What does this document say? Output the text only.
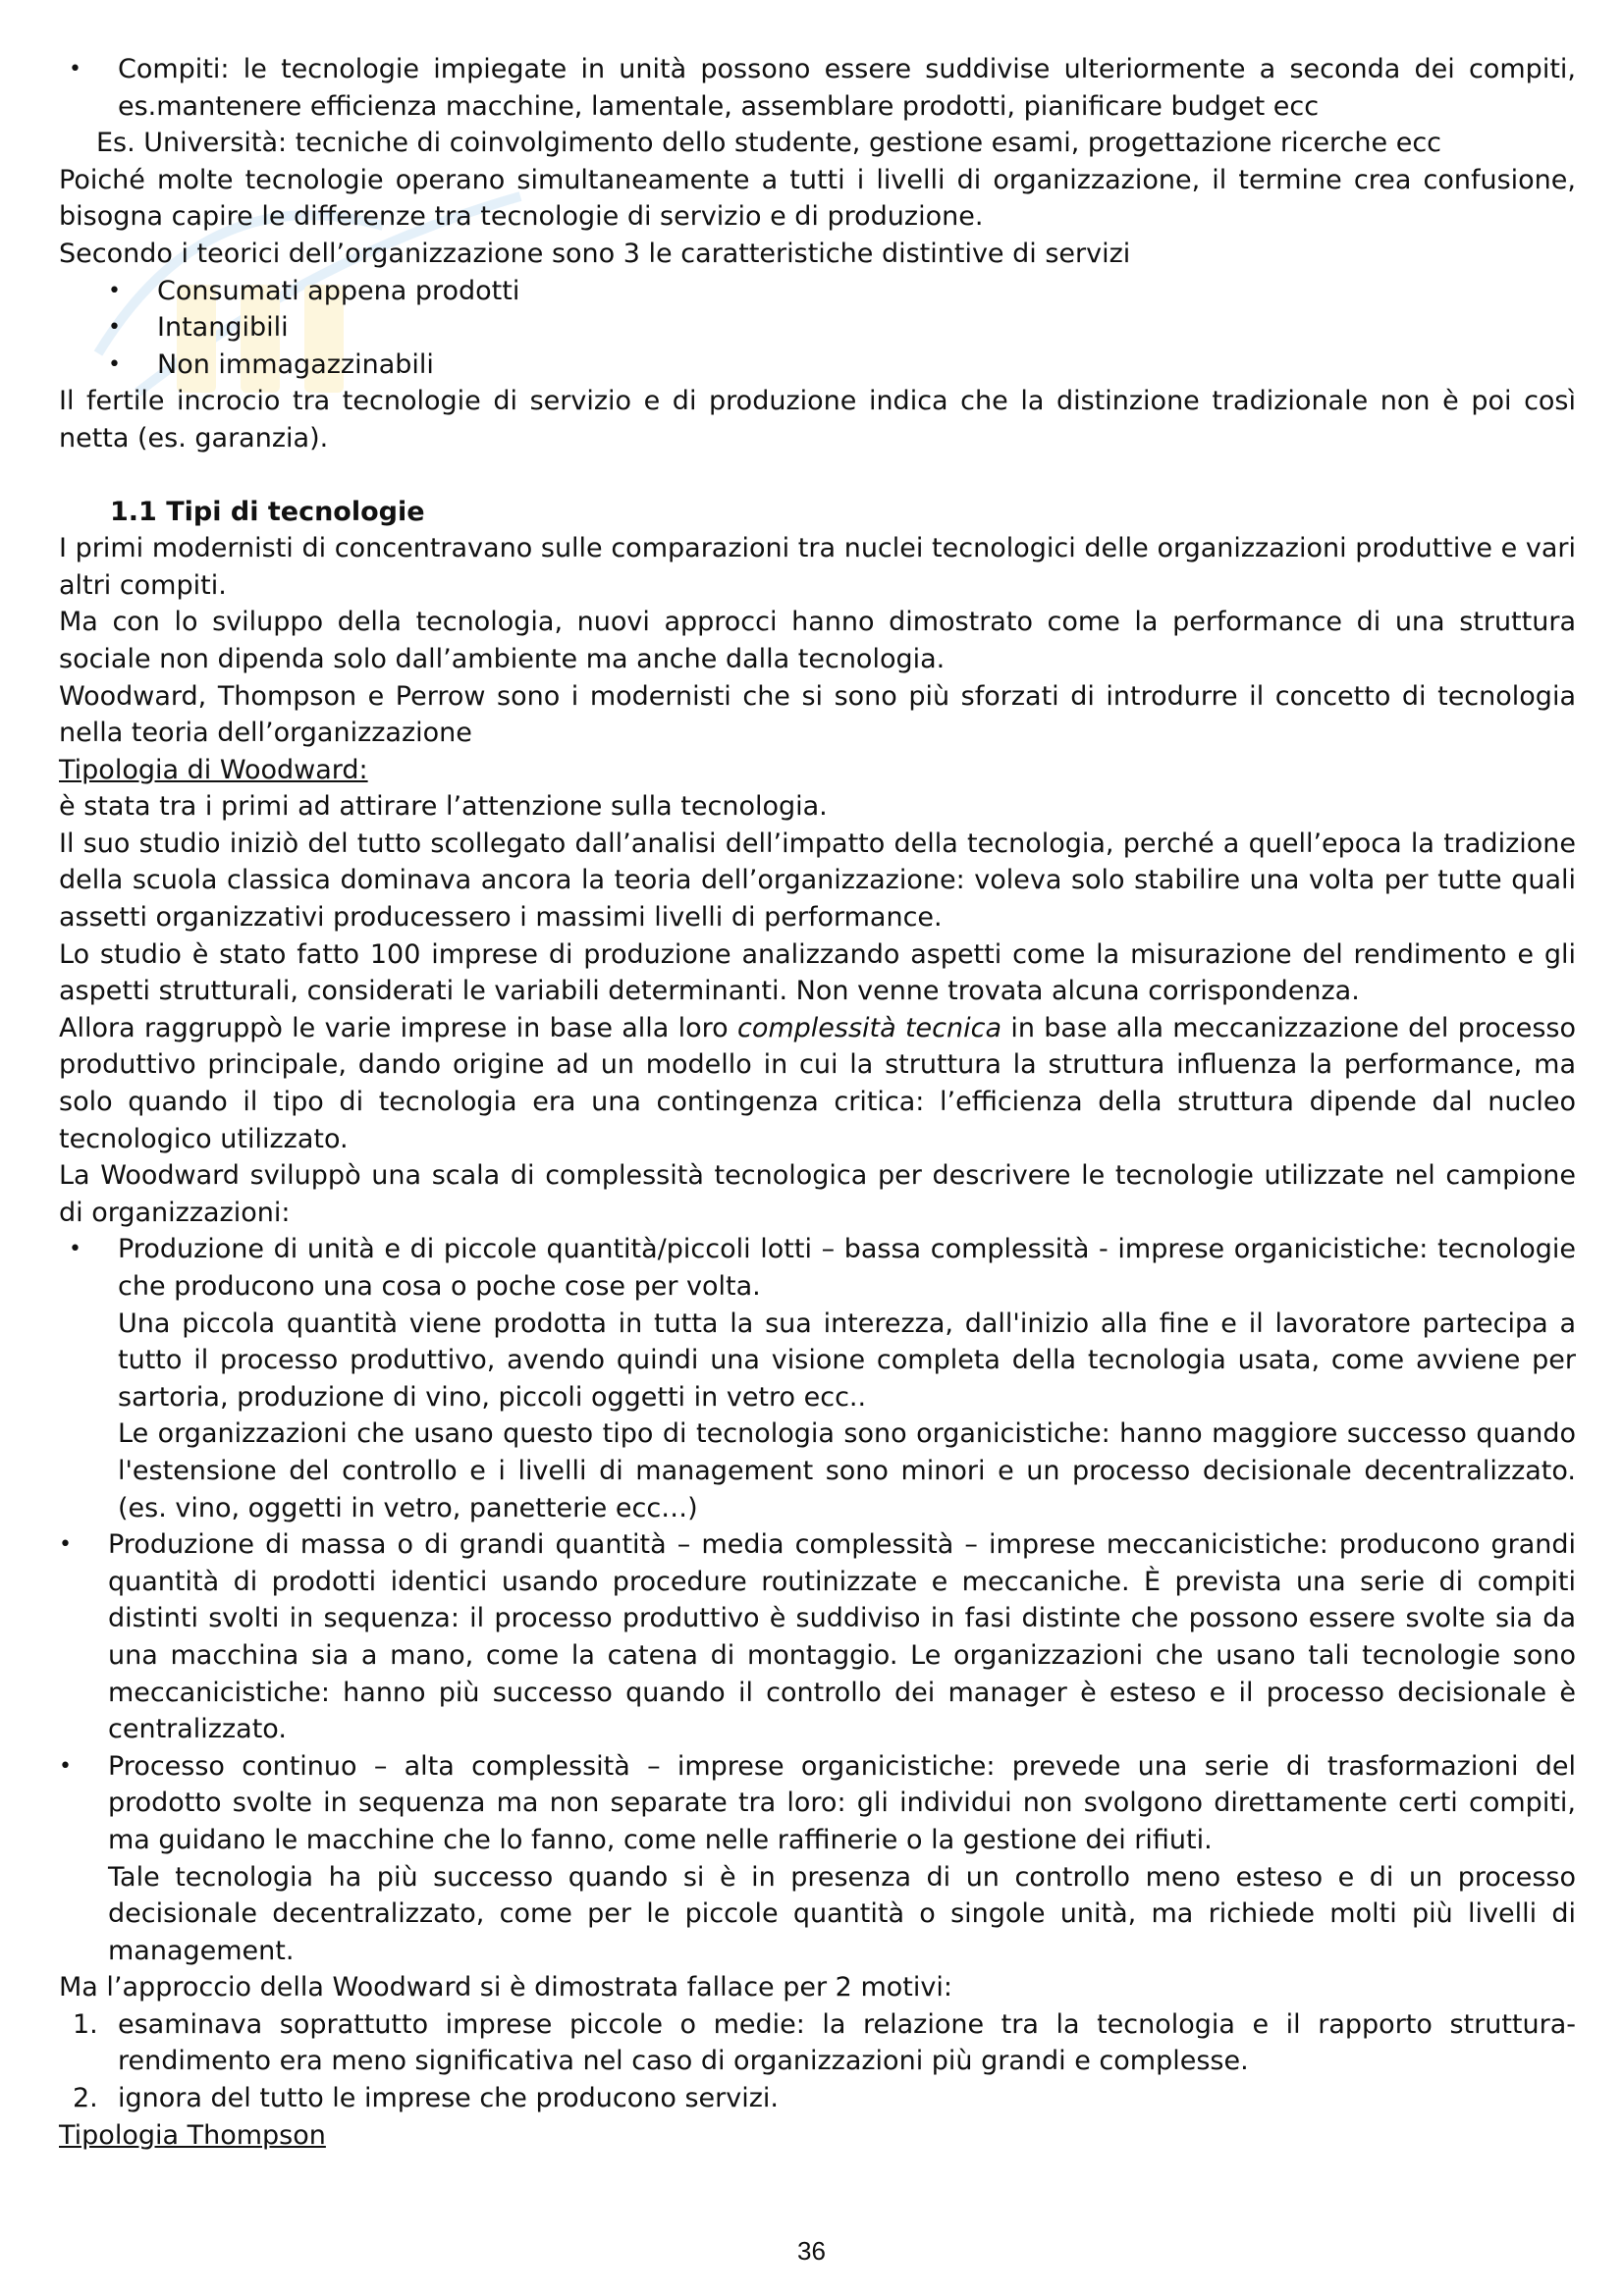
• Compiti: le tecnologie impiegate in unità possono essere suddivise ulteriormente a seconda dei compiti, es.mantenere efficienza macchine, lamentale, assemblare prodotti, pianificare budget ecc

Es. Università: tecniche di coinvolgimento dello studente, gestione esami, progettazione ricerche ecc

Poiché molte tecnologie operano simultaneamente a tutti i livelli di organizzazione, il termine crea confusione, bisogna capire le differenze tra tecnologie di servizio e di produzione.

Secondo i teorici dell’organizzazione sono 3 le caratteristiche distintive di servizi

• Consumati appena prodotti
• Intangibili
• Non immagazzinabili

Il fertile incrocio tra tecnologie di servizio e di produzione indica che la distinzione tradizionale non è poi così netta (es. garanzia).

1.1 Tipi di tecnologie

I primi modernisti di concentravano sulle comparazioni tra nuclei tecnologici delle organizzazioni produttive e vari altri compiti.

Ma con lo sviluppo della tecnologia, nuovi approcci hanno dimostrato come la performance di una struttura sociale non dipenda solo dall’ambiente ma anche dalla tecnologia.

Woodward, Thompson e Perrow sono i modernisti che si sono più sforzati di introdurre il concetto di tecnologia nella teoria dell’organizzazione

Tipologia di Woodward:

è stata tra i primi ad attirare l’attenzione sulla tecnologia.

Il suo studio iniziò del tutto scollegato dall’analisi dell’impatto della tecnologia, perché a quell’epoca la tradizione della scuola classica dominava ancora la teoria dell’organizzazione: voleva solo stabilire una volta per tutte quali assetti organizzativi producessero i massimi livelli di performance.

Lo studio è stato fatto 100 imprese di produzione analizzando aspetti come la misurazione del rendimento e gli aspetti strutturali, considerati le variabili determinanti. Non venne trovata alcuna corrispondenza.

Allora raggruppò le varie imprese in base alla loro complessità tecnica in base alla meccanizzazione del processo produttivo principale, dando origine ad un modello in cui la struttura la struttura influenza la performance, ma solo quando il tipo di tecnologia era una contingenza critica: l’efficienza della struttura dipende dal nucleo tecnologico utilizzato.

La Woodward sviluppò una scala di complessità tecnologica per descrivere le tecnologie utilizzate nel campione di organizzazioni:

• Produzione di unità e di piccole quantità/piccoli lotti – bassa complessità - imprese organicistiche: tecnologie che producono una cosa o poche cose per volta.
Una piccola quantità viene prodotta in tutta la sua interezza, dall'inizio alla fine e il lavoratore partecipa a tutto il processo produttivo, avendo quindi una visione completa della tecnologia usata, come avviene per sartoria, produzione di vino, piccoli oggetti in vetro ecc..
Le organizzazioni che usano questo tipo di tecnologia sono organicistiche: hanno maggiore successo quando l'estensione del controllo e i livelli di management sono minori e un processo decisionale decentralizzato. (es. vino, oggetti in vetro, panetterie ecc…)
• Produzione di massa o di grandi quantità – media complessità – imprese meccanicistiche: producono grandi quantità di prodotti identici usando procedure routinizzate e meccaniche. È prevista una serie di compiti distinti svolti in sequenza: il processo produttivo è suddiviso in fasi distinte che possono essere svolte sia da una macchina sia a mano, come la catena di montaggio. Le organizzazioni che usano tali tecnologie sono meccanicistiche: hanno più successo quando il controllo dei manager è esteso e il processo decisionale è centralizzato.
• Processo continuo – alta complessità – imprese organicistiche: prevede una serie di trasformazioni del prodotto svolte in sequenza ma non separate tra loro: gli individui non svolgono direttamente certi compiti, ma guidano le macchine che lo fanno, come nelle raffinerie o la gestione dei rifiuti.
Tale tecnologia ha più successo quando si è in presenza di un controllo meno esteso e di un processo decisionale decentralizzato, come per le piccole quantità o singole unità, ma richiede molti più livelli di management.

Ma l’approccio della Woodward si è dimostrata fallace per 2 motivi:

1. esaminava soprattutto imprese piccole o medie: la relazione tra la tecnologia e il rapporto struttura-rendimento era meno significativa nel caso di organizzazioni più grandi e complesse.
2. ignora del tutto le imprese che producono servizi.

Tipologia Thompson

36
